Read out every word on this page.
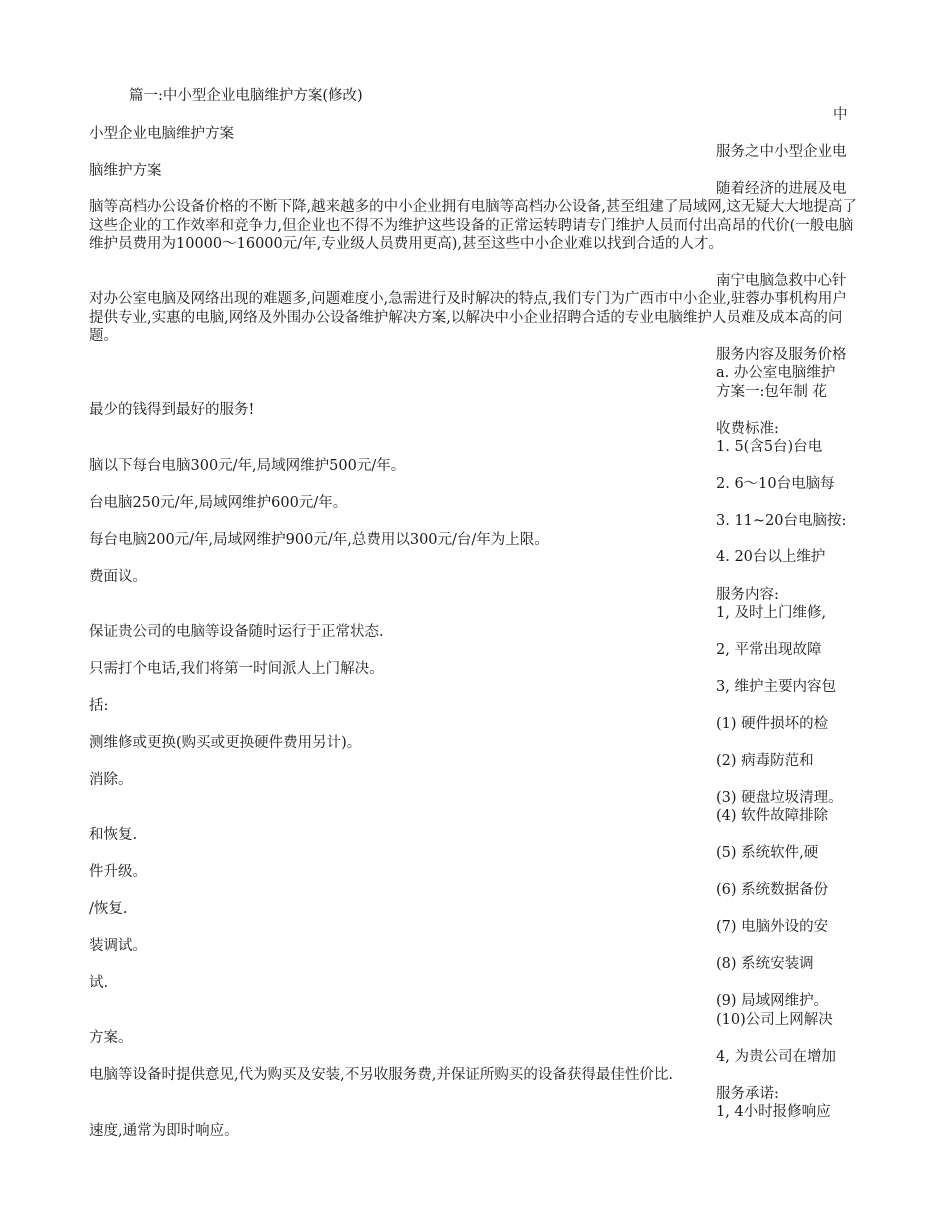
篇一:中小型企业电脑维护方案(修改)
中
服务之中小型企业电
随着经济的进展及电
南宁电脑急救中心针
服务内容及服务价格
a. 办公室电脑维护
方案一:包年制 花
收费标准:
1. 5(含5台)台电
2. 6～10台电脑每
3. 11~20台电脑按:
4. 20台以上维护
服务内容:
1, 及时上门维修,
2, 平常出现故障
3, 维护主要内容包
(1) 硬件损坏的检
(2) 病毒防范和
(3) 硬盘垃圾清理。
(4) 软件故障排除
(5) 系统软件,硬
(6) 系统数据备份
(7) 电脑外设的安
(8) 系统安装调
(9) 局域网维护。
(10)公司上网解决
4, 为贵公司在增加
服务承诺:
1, 4小时报修响应
小型企业电脑维护方案
脑维护方案
脑等高档办公设备价格的不断下降,越来越多的中小企业拥有电脑等高档办公设备,甚至组建了局域网,这无疑大大地提高了这些企业的工作效率和竞争力,但企业也不得不为维护这些设备的正常运转聘请专门维护人员而付出高昂的代价(一般电脑维护员费用为10000～16000元/年,专业级人员费用更高),甚至这些中小企业难以找到合适的人才。
对办公室电脑及网络出现的难题多,问题难度小,急需进行及时解决的特点,我们专门为广西市中小企业,驻蓉办事机构用户提供专业,实惠的电脑,网络及外围办公设备维护解决方案,以解决中小企业招聘合适的专业电脑维护人员难及成本高的问题。
最少的钱得到最好的服务!
脑以下每台电脑300元/年,局域网维护500元/年。
台电脑250元/年,局域网维护600元/年。
每台电脑200元/年,局域网维护900元/年,总费用以300元/台/年为上限。
费面议。
保证贵公司的电脑等设备随时运行于正常状态.
只需打个电话,我们将第一时间派人上门解决。
括:
测维修或更换(购买或更换硬件费用另计)。
消除。
和恢复.
件升级。
/恢复.
装调试。
试.
方案。
电脑等设备时提供意见,代为购买及安装,不另收服务费,并保证所购买的设备获得最佳性价比.
速度,通常为即时响应。
